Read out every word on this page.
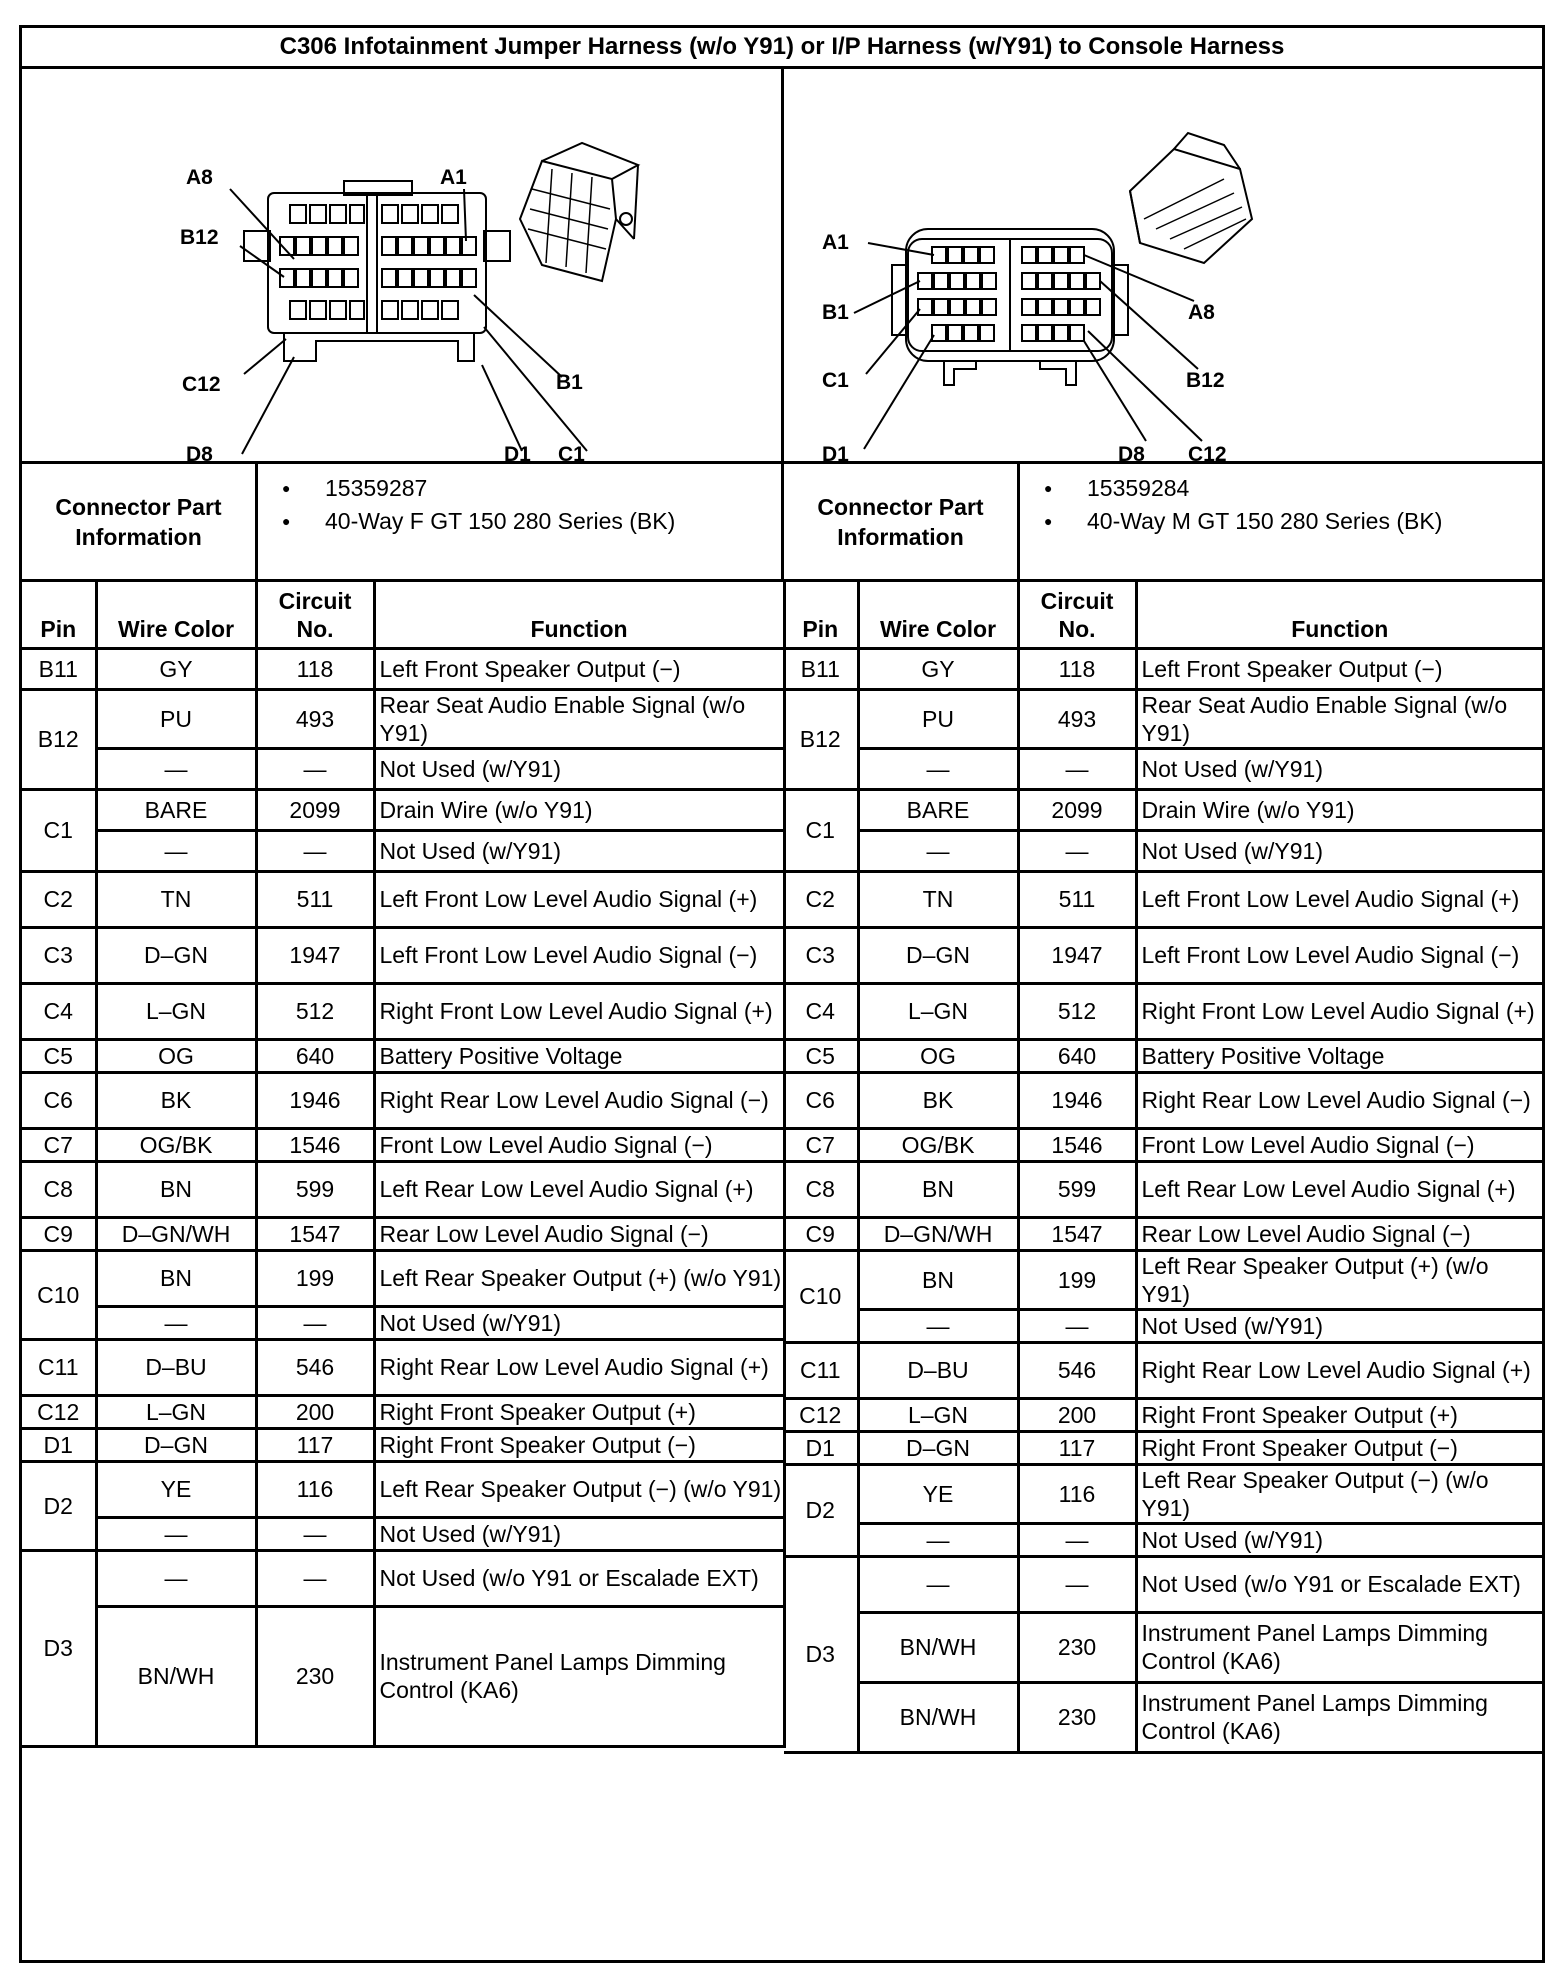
C306 Infotainment Jumper Harness (w/o Y91) or I/P Harness (w/Y91) to Console Harness
A8	A1
B12
B1
C12
C1
D8	D1
A1
A8
B1
B12
C1
C12
D1	D8
Connector Part Information
● 15359287
● 40-Way F GT 150 280 Series (BK)
Connector Part Information
● 15359284
● 40-Way M GT 150 280 Series (BK)
Pin	Wire Color	Circuit No.	Function
B11	GY	118	Left Front Speaker Output (−)
B12	PU	493	Rear Seat Audio Enable Signal (w/o Y91)
	—	—	Not Used (w/Y91)
C1	BARE	2099	Drain Wire (w/o Y91)
	—	—	Not Used (w/Y91)
C2	TN	511	Left Front Low Level Audio Signal (+)
C3	D–GN	1947	Left Front Low Level Audio Signal (−)
C4	L–GN	512	Right Front Low Level Audio Signal (+)
C5	OG	640	Battery Positive Voltage
C6	BK	1946	Right Rear Low Level Audio Signal (−)
C7	OG/BK	1546	Front Low Level Audio Signal (−)
C8	BN	599	Left Rear Low Level Audio Signal (+)
C9	D–GN/WH	1547	Rear Low Level Audio Signal (−)
C10	BN	199	Left Rear Speaker Output (+) (w/o Y91)
	—	—	Not Used (w/Y91)
C11	D–BU	546	Right Rear Low Level Audio Signal (+)
C12	L–GN	200	Right Front Speaker Output (+)
D1	D–GN	117	Right Front Speaker Output (−)
D2	YE	116	Left Rear Speaker Output (−) (w/o Y91)
	—	—	Not Used (w/Y91)
D3	—	—	Not Used (w/o Y91 or Escalade EXT)
	BN/WH	230	Instrument Panel Lamps Dimming Control (KA6)
Pin	Wire Color	Circuit No.	Function
B11	GY	118	Left Front Speaker Output (−)
B12	PU	493	Rear Seat Audio Enable Signal (w/o Y91)
	—	—	Not Used (w/Y91)
C1	BARE	2099	Drain Wire (w/o Y91)
	—	—	Not Used (w/Y91)
C2	TN	511	Left Front Low Level Audio Signal (+)
C3	D–GN	1947	Left Front Low Level Audio Signal (−)
C4	L–GN	512	Right Front Low Level Audio Signal (+)
C5	OG	640	Battery Positive Voltage
C6	BK	1946	Right Rear Low Level Audio Signal (−)
C7	OG/BK	1546	Front Low Level Audio Signal (−)
C8	BN	599	Left Rear Low Level Audio Signal (+)
C9	D–GN/WH	1547	Rear Low Level Audio Signal (−)
C10	BN	199	Left Rear Speaker Output (+) (w/o Y91)
	—	—	Not Used (w/Y91)
C11	D–BU	546	Right Rear Low Level Audio Signal (+)
C12	L–GN	200	Right Front Speaker Output (+)
D1	D–GN	117	Right Front Speaker Output (−)
D2	YE	116	Left Rear Speaker Output (−) (w/o Y91)
	—	—	Not Used (w/Y91)
D3	—	—	Not Used (w/o Y91 or Escalade EXT)
	BN/WH	230	Instrument Panel Lamps Dimming Control (KA6)
	BN/WH	230	Instrument Panel Lamps Dimming Control (KA6)
